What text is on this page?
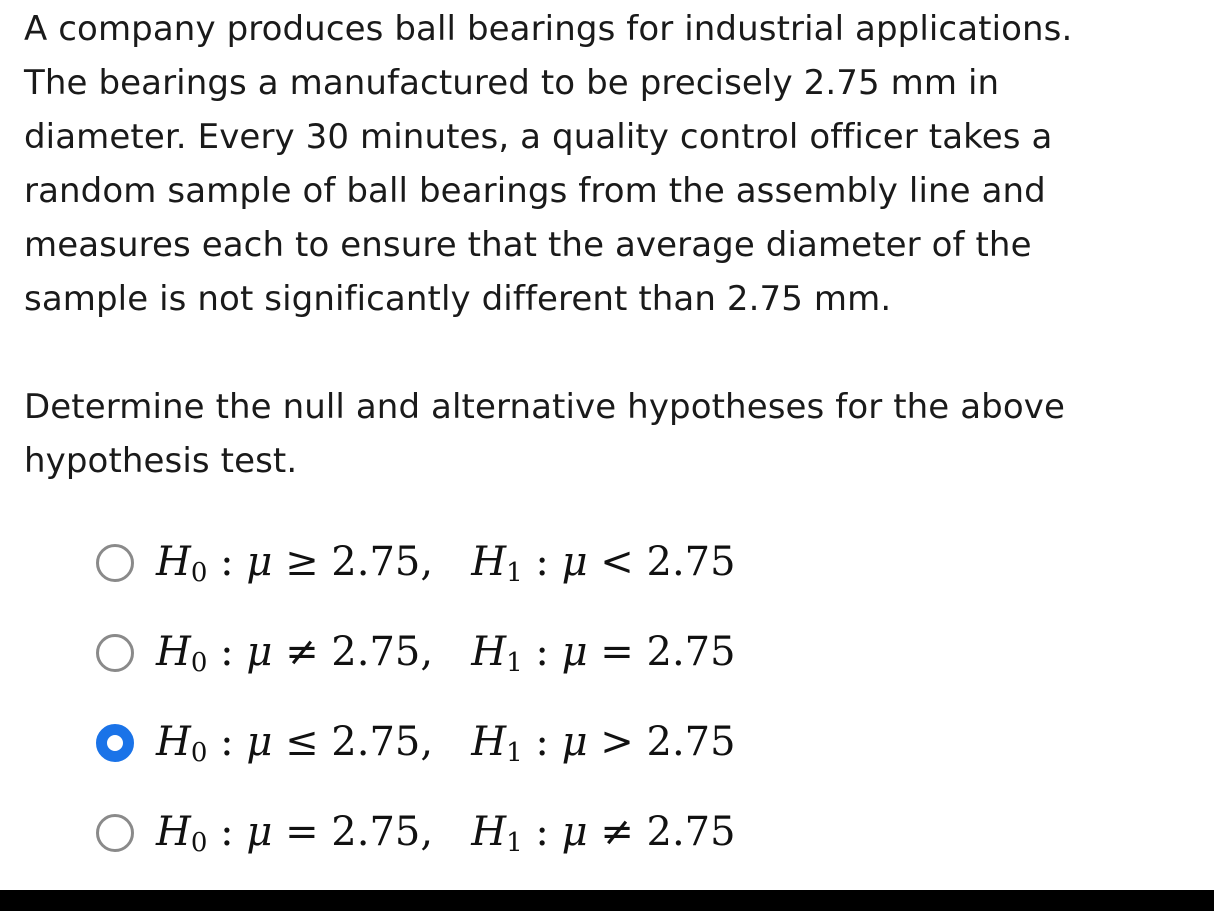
A company produces ball bearings for industrial applications.
The bearings a manufactured to be precisely 2.75 mm in
diameter. Every 30 minutes, a quality control officer takes a
random sample of ball bearings from the assembly line and
measures each to ensure that the average diameter of the
sample is not significantly different than 2.75 mm.

Determine the null and alternative hypotheses for the above
hypothesis test.

$H_0$ : μ ≥ 2.75,   $H_1$ : μ < 2.75
$H_0$ : μ ≠ 2.75,   $H_1$ : μ = 2.75
$H_0$ : μ ≤ 2.75,   $H_1$ : μ > 2.75
$H_0$ : μ = 2.75,   $H_1$ : μ ≠ 2.75
